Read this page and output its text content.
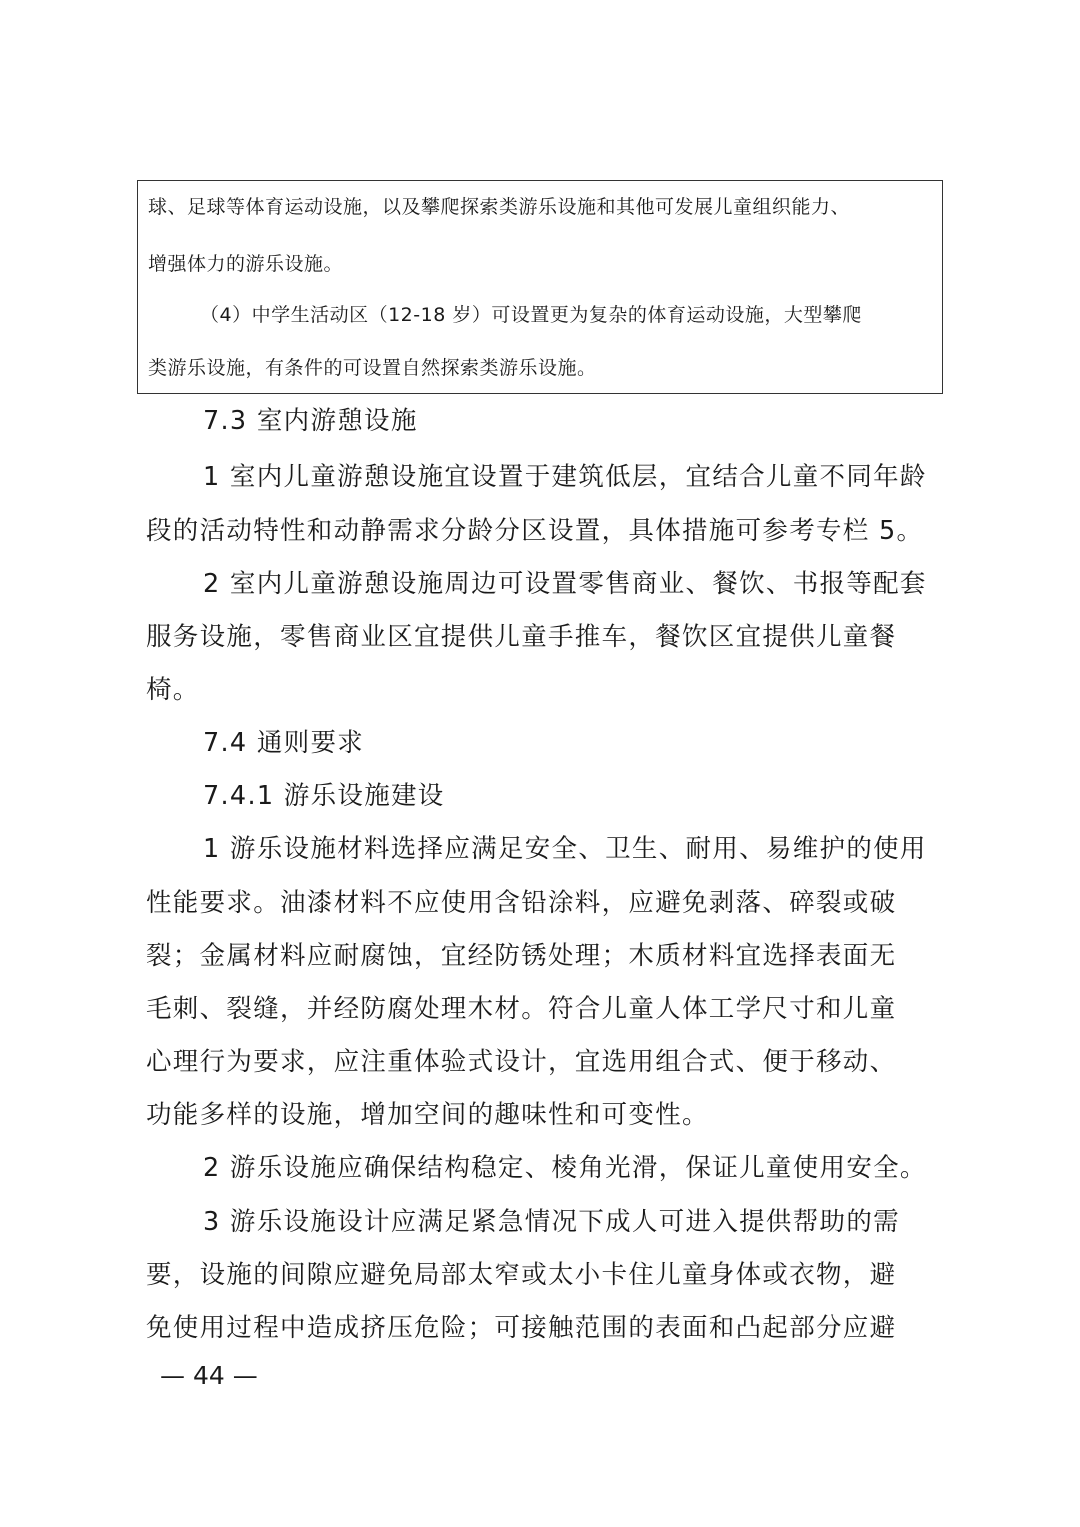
球、足球等体育运动设施，以及攀爬探索类游乐设施和其他可发展儿童组织能力、
增强体力的游乐设施。
（4）中学生活动区（12-18 岁）可设置更为复杂的体育运动设施，大型攀爬
类游乐设施，有条件的可设置自然探索类游乐设施。
7.3 室内游憩设施
1 室内儿童游憩设施宜设置于建筑低层，宜结合儿童不同年龄
段的活动特性和动静需求分龄分区设置，具体措施可参考专栏 5。
2 室内儿童游憩设施周边可设置零售商业、餐饮、书报等配套
服务设施，零售商业区宜提供儿童手推车，餐饮区宜提供儿童餐
椅。
7.4 通则要求
7.4.1 游乐设施建设
1 游乐设施材料选择应满足安全、卫生、耐用、易维护的使用
性能要求。油漆材料不应使用含铅涂料，应避免剥落、碎裂或破
裂；金属材料应耐腐蚀，宜经防锈处理；木质材料宜选择表面无
毛刺、裂缝，并经防腐处理木材。符合儿童人体工学尺寸和儿童
心理行为要求，应注重体验式设计，宜选用组合式、便于移动、
功能多样的设施，增加空间的趣味性和可变性。
2 游乐设施应确保结构稳定、棱角光滑，保证儿童使用安全。
3 游乐设施设计应满足紧急情况下成人可进入提供帮助的需
要，设施的间隙应避免局部太窄或太小卡住儿童身体或衣物，避
免使用过程中造成挤压危险；可接触范围的表面和凸起部分应避
— 44 —
